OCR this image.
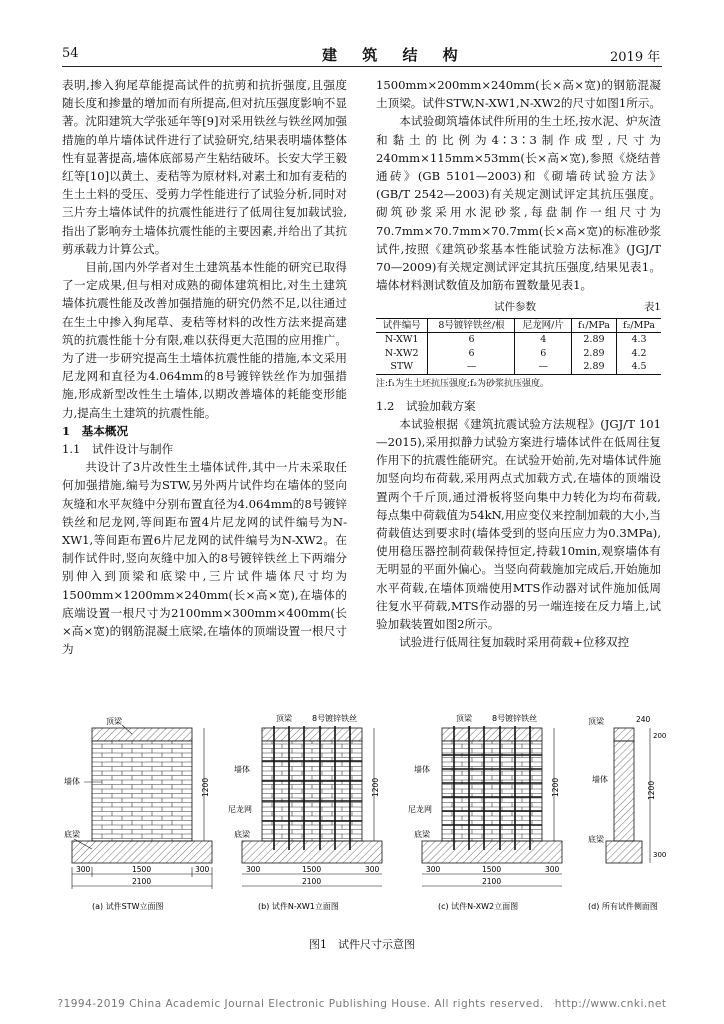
54	建 筑 结 构	2019 年

表明,掺入狗尾草能提高试件的抗剪和抗折强度,且强度随长度和掺量的增加而有所提高,但对抗压强度影响不显著。沈阳建筑大学张延年等[9]对采用铁丝与铁丝网加强措施的单片墙体试件进行了试验研究,结果表明墙体整体性有显著提高,墙体底部易产生粘结破坏。长安大学王毅红等[10]以黄土、麦秸等为原材料,对素土和加有麦秸的生土土料的受压、受剪力学性能进行了试验分析,同时对三片夯土墙体试件的抗震性能进行了低周往复加载试验,指出了影响夯土墙体抗震性能的主要因素,并给出了其抗剪承载力计算公式。

目前,国内外学者对生土建筑基本性能的研究已取得了一定成果,但与相对成熟的砌体建筑相比,对生土建筑墙体抗震性能及改善加强措施的研究仍然不足,以往通过在生土中掺入狗尾草、麦秸等材料的改性方法来提高建筑的抗震性能十分有限,难以获得更大范围的应用推广。为了进一步研究提高生土墙体抗震性能的措施,本文采用尼龙网和直径为4.064mm的8号镀锌铁丝作为加强措施,形成新型改性生土墙体,以期改善墙体的耗能变形能力,提高生土建筑的抗震性能。

1　基本概况

1.1　试件设计与制作

共设计了3片改性生土墙体试件,其中一片未采取任何加强措施,编号为STW,另外两片试件均在墙体的竖向灰缝和水平灰缝中分别布置直径为4.064mm的8号镀锌铁丝和尼龙网,等间距布置4片尼龙网的试件编号为N-XW1,等间距布置6片尼龙网的试件编号为N-XW2。在制作试件时,竖向灰缝中加入的8号镀锌铁丝上下两端分别伸入到顶梁和底梁中,三片试件墙体尺寸均为1500mm×1200mm×240mm(长×高×宽),在墙体的底端设置一根尺寸为2100mm×300mm×400mm(长×高×宽)的钢筋混凝土底梁,在墙体的顶端设置一根尺寸为

1500mm×200mm×240mm(长×高×宽)的钢筋混凝土顶梁。试件STW,N-XW1,N-XW2的尺寸如图1所示。

本试验砌筑墙体试件所用的生土坯,按水泥、炉灰渣和黏土的比例为4∶3∶3制作成型,尺寸为240mm×115mm×53mm(长×高×宽),参照《烧结普通砖》(GB 5101—2003)和《砌墙砖试验方法》(GB/T 2542—2003)有关规定测试评定其抗压强度。砌筑砂浆采用水泥砂浆,每盘制作一组尺寸为70.7mm×70.7mm×70.7mm(长×高×宽)的标准砂浆试件,按照《建筑砂浆基本性能试验方法标准》(JGJ/T 70—2009)有关规定测试评定其抗压强度,结果见表1。墙体材料测试数值及加筋布置数量见表1。

试件参数	表1
试件编号	8号镀锌铁丝/根	尼龙网/片	f₁/MPa	f₂/MPa
N-XW1	6	4	2.89	4.3
N-XW2	6	6	2.89	4.2
STW	—	—	2.89	4.5
注:f₁为生土坯抗压强度;f₂为砂浆抗压强度。

1.2　试验加载方案

本试验根据《建筑抗震试验方法规程》(JGJ/T 101—2015),采用拟静力试验方案进行墙体试件在低周往复作用下的抗震性能研究。在试验开始前,先对墙体试件施加竖向均布荷载,采用两点式加载方式,在墙体的顶端设置两个千斤顶,通过滑板将竖向集中力转化为均布荷载,每点集中荷载值为54kN,用应变仪来控制加载的大小,当荷载值达到要求时(墙体受到的竖向压应力为0.3MPa),使用稳压器控制荷载保持恒定,持载10min,观察墙体有无明显的平面外偏心。当竖向荷载施加完成后,开始施加水平荷载,在墙体顶端使用MTS作动器对试件施加低周往复水平荷载,MTS作动器的另一端连接在反力墙上,试验加载装置如图2所示。

试验进行低周往复加载时采用荷载+位移双控

顶梁
墙体
底梁
300	1500	300
2100
1200
(a) 试件STW立面图
顶梁	8号镀锌铁丝
墙体
尼龙网
底梁
300	1500	300
2100
1200
(b) 试件N-XW1立面图
顶梁	8号镀锌铁丝
墙体
尼龙网
底梁
300	1500	300
2100
1200
(c) 试件N-XW2立面图
顶梁
墙体
底梁
240
200
1200
300
(d) 所有试件侧面图
图1　试件尺寸示意图
?1994-2019 China Academic Journal Electronic Publishing House. All rights reserved.　http://www.cnki.net
